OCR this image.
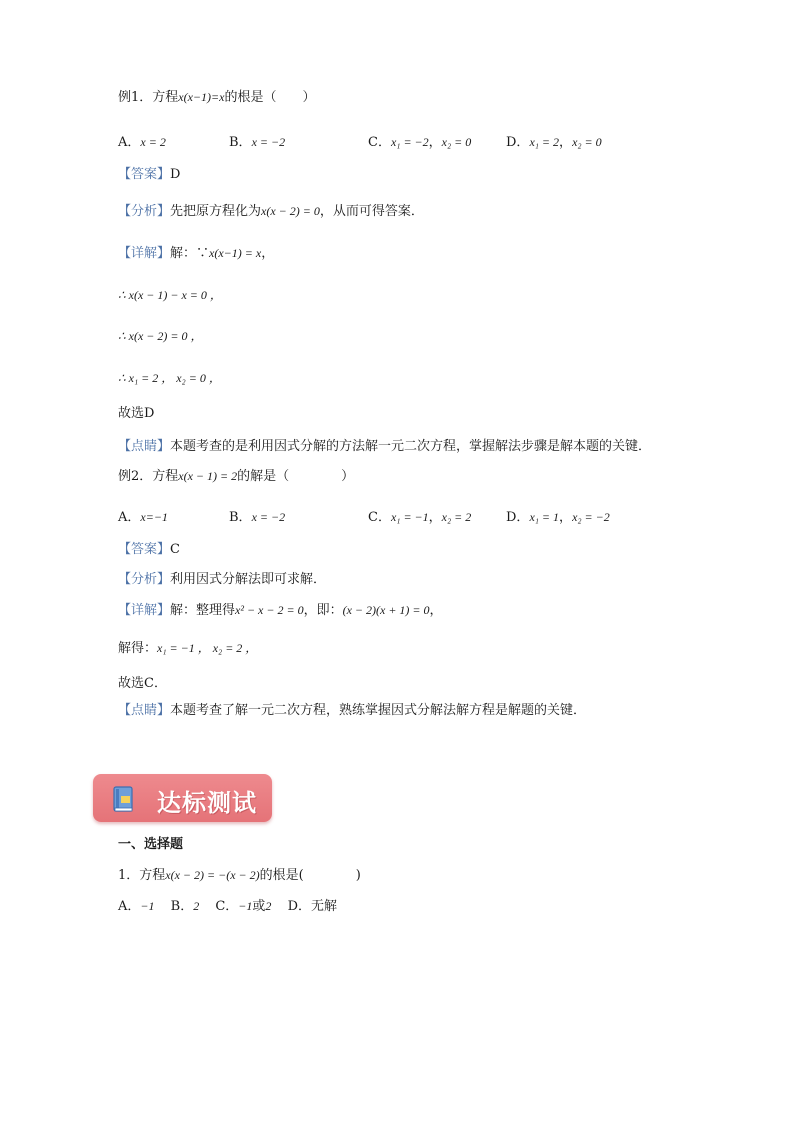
例1．方程x(x−1)=x的根是（　　）
A．x = 2	B．x = −2	C．x₁ = −2，x₂ = 0	D．x₁ = 2，x₂ = 0
【答案】D
【分析】先把原方程化为x(x − 2) = 0，从而可得答案．
【详解】解：∵x(x−1) = x，
∴ x(x − 1) − x = 0 ，
∴ x(x − 2) = 0 ，
∴ x₁ = 2 ， x₂ = 0 ，
故选D
【点睛】本题考查的是利用因式分解的方法解一元二次方程，掌握解法步骤是解本题的关键．
例2．方程x(x − 1) = 2的解是（　　　　）
A．x=−1	B．x = −2	C．x₁ = −1，x₂ = 2	D．x₁ = 1，x₂ = −2
【答案】C
【分析】利用因式分解法即可求解．
【详解】解：整理得x² − x − 2 = 0，即：(x − 2)(x + 1) = 0，
解得：x₁ = −1 ， x₂ = 2 ，
故选C．
【点睛】本题考查了解一元二次方程，熟练掌握因式分解法解方程是解题的关键．
达标测试
一、选择题
1．方程x(x − 2) = −(x − 2)的根是(　　　　)
A．−1 B．2 C．−1或2 D．无解
